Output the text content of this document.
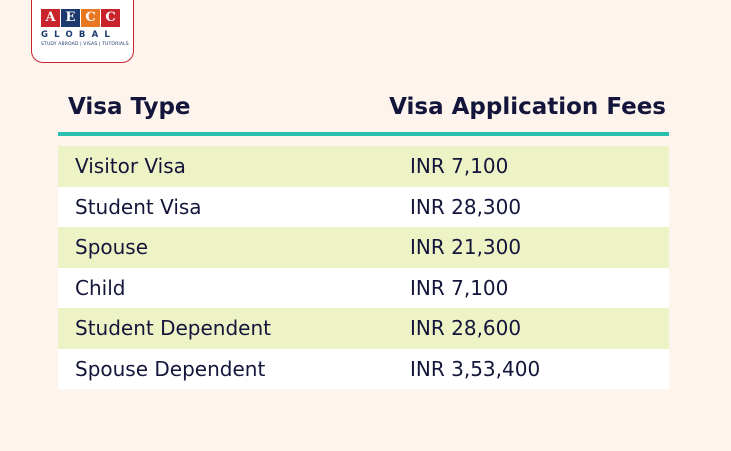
A E C C
GLOBAL
STUDY ABROAD | VISAS | TUTORIALS
Visa Type	Visa Application Fees
Visitor Visa	INR 7,100
Student Visa	INR 28,300
Spouse	INR 21,300
Child	INR 7,100
Student Dependent	INR 28,600
Spouse Dependent	INR 3,53,400
